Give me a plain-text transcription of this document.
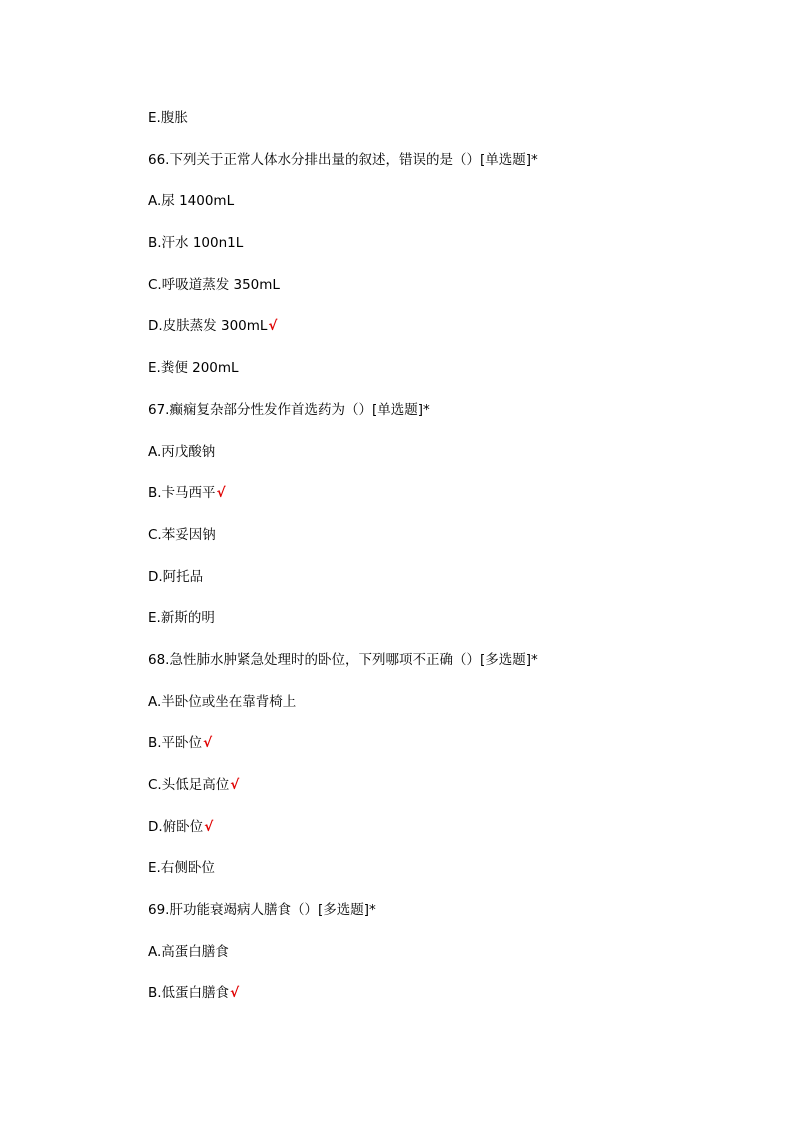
E.腹胀
66.下列关于正常人体水分排出量的叙述，错误的是（）[单选题]*
A.尿 1400mL
B.汗水 100n1L
C.呼吸道蒸发 350mL
D.皮肤蒸发 300mL√
E.粪便 200mL
67.癫痫复杂部分性发作首选药为（）[单选题]*
A.丙戊酸钠
B.卡马西平√
C.苯妥因钠
D.阿托品
E.新斯的明
68.急性肺水肿紧急处理时的卧位，下列哪项不正确（）[多选题]*
A.半卧位或坐在靠背椅上
B.平卧位√
C.头低足高位√
D.俯卧位√
E.右侧卧位
69.肝功能衰竭病人膳食（）[多选题]*
A.高蛋白膳食
B.低蛋白膳食√
